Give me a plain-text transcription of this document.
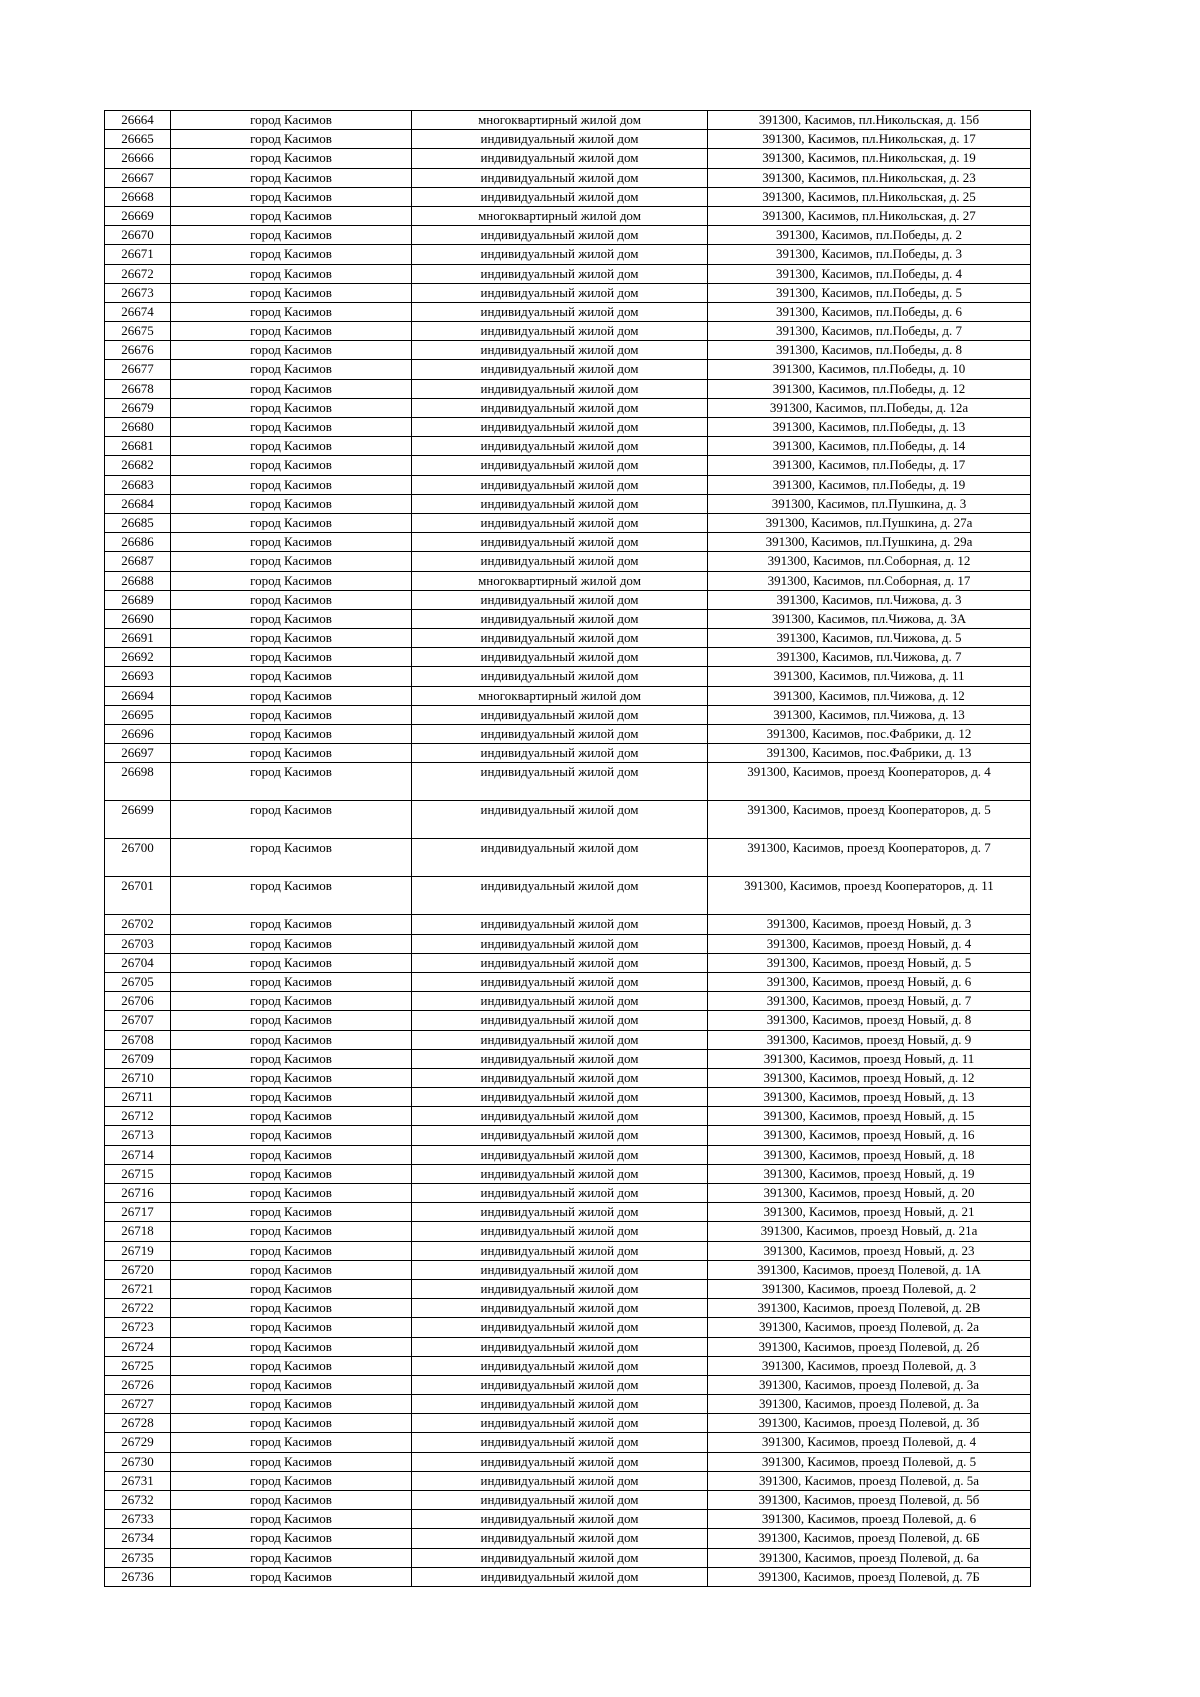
26664	город Касимов	многоквартирный жилой дом	391300, Касимов, пл.Никольская, д. 15б
26665	город Касимов	индивидуальный жилой дом	391300, Касимов, пл.Никольская, д. 17
26666	город Касимов	индивидуальный жилой дом	391300, Касимов, пл.Никольская, д. 19
26667	город Касимов	индивидуальный жилой дом	391300, Касимов, пл.Никольская, д. 23
26668	город Касимов	индивидуальный жилой дом	391300, Касимов, пл.Никольская, д. 25
26669	город Касимов	многоквартирный жилой дом	391300, Касимов, пл.Никольская, д. 27
26670	город Касимов	индивидуальный жилой дом	391300, Касимов, пл.Победы, д. 2
26671	город Касимов	индивидуальный жилой дом	391300, Касимов, пл.Победы, д. 3
26672	город Касимов	индивидуальный жилой дом	391300, Касимов, пл.Победы, д. 4
26673	город Касимов	индивидуальный жилой дом	391300, Касимов, пл.Победы, д. 5
26674	город Касимов	индивидуальный жилой дом	391300, Касимов, пл.Победы, д. 6
26675	город Касимов	индивидуальный жилой дом	391300, Касимов, пл.Победы, д. 7
26676	город Касимов	индивидуальный жилой дом	391300, Касимов, пл.Победы, д. 8
26677	город Касимов	индивидуальный жилой дом	391300, Касимов, пл.Победы, д. 10
26678	город Касимов	индивидуальный жилой дом	391300, Касимов, пл.Победы, д. 12
26679	город Касимов	индивидуальный жилой дом	391300, Касимов, пл.Победы, д. 12а
26680	город Касимов	индивидуальный жилой дом	391300, Касимов, пл.Победы, д. 13
26681	город Касимов	индивидуальный жилой дом	391300, Касимов, пл.Победы, д. 14
26682	город Касимов	индивидуальный жилой дом	391300, Касимов, пл.Победы, д. 17
26683	город Касимов	индивидуальный жилой дом	391300, Касимов, пл.Победы, д. 19
26684	город Касимов	индивидуальный жилой дом	391300, Касимов, пл.Пушкина, д. 3
26685	город Касимов	индивидуальный жилой дом	391300, Касимов, пл.Пушкина, д. 27а
26686	город Касимов	индивидуальный жилой дом	391300, Касимов, пл.Пушкина, д. 29а
26687	город Касимов	индивидуальный жилой дом	391300, Касимов, пл.Соборная, д. 12
26688	город Касимов	многоквартирный жилой дом	391300, Касимов, пл.Соборная, д. 17
26689	город Касимов	индивидуальный жилой дом	391300, Касимов, пл.Чижова, д. 3
26690	город Касимов	индивидуальный жилой дом	391300, Касимов, пл.Чижова, д. 3А
26691	город Касимов	индивидуальный жилой дом	391300, Касимов, пл.Чижова, д. 5
26692	город Касимов	индивидуальный жилой дом	391300, Касимов, пл.Чижова, д. 7
26693	город Касимов	индивидуальный жилой дом	391300, Касимов, пл.Чижова, д. 11
26694	город Касимов	многоквартирный жилой дом	391300, Касимов, пл.Чижова, д. 12
26695	город Касимов	индивидуальный жилой дом	391300, Касимов, пл.Чижова, д. 13
26696	город Касимов	индивидуальный жилой дом	391300, Касимов, пос.Фабрики, д. 12
26697	город Касимов	индивидуальный жилой дом	391300, Касимов, пос.Фабрики, д. 13
26698	город Касимов	индивидуальный жилой дом	391300, Касимов, проезд Кооператоров, д. 4
26699	город Касимов	индивидуальный жилой дом	391300, Касимов, проезд Кооператоров, д. 5
26700	город Касимов	индивидуальный жилой дом	391300, Касимов, проезд Кооператоров, д. 7
26701	город Касимов	индивидуальный жилой дом	391300, Касимов, проезд Кооператоров, д. 11
26702	город Касимов	индивидуальный жилой дом	391300, Касимов, проезд Новый, д. 3
26703	город Касимов	индивидуальный жилой дом	391300, Касимов, проезд Новый, д. 4
26704	город Касимов	индивидуальный жилой дом	391300, Касимов, проезд Новый, д. 5
26705	город Касимов	индивидуальный жилой дом	391300, Касимов, проезд Новый, д. 6
26706	город Касимов	индивидуальный жилой дом	391300, Касимов, проезд Новый, д. 7
26707	город Касимов	индивидуальный жилой дом	391300, Касимов, проезд Новый, д. 8
26708	город Касимов	индивидуальный жилой дом	391300, Касимов, проезд Новый, д. 9
26709	город Касимов	индивидуальный жилой дом	391300, Касимов, проезд Новый, д. 11
26710	город Касимов	индивидуальный жилой дом	391300, Касимов, проезд Новый, д. 12
26711	город Касимов	индивидуальный жилой дом	391300, Касимов, проезд Новый, д. 13
26712	город Касимов	индивидуальный жилой дом	391300, Касимов, проезд Новый, д. 15
26713	город Касимов	индивидуальный жилой дом	391300, Касимов, проезд Новый, д. 16
26714	город Касимов	индивидуальный жилой дом	391300, Касимов, проезд Новый, д. 18
26715	город Касимов	индивидуальный жилой дом	391300, Касимов, проезд Новый, д. 19
26716	город Касимов	индивидуальный жилой дом	391300, Касимов, проезд Новый, д. 20
26717	город Касимов	индивидуальный жилой дом	391300, Касимов, проезд Новый, д. 21
26718	город Касимов	индивидуальный жилой дом	391300, Касимов, проезд Новый, д. 21а
26719	город Касимов	индивидуальный жилой дом	391300, Касимов, проезд Новый, д. 23
26720	город Касимов	индивидуальный жилой дом	391300, Касимов, проезд Полевой, д. 1А
26721	город Касимов	индивидуальный жилой дом	391300, Касимов, проезд Полевой, д. 2
26722	город Касимов	индивидуальный жилой дом	391300, Касимов, проезд Полевой, д. 2В
26723	город Касимов	индивидуальный жилой дом	391300, Касимов, проезд Полевой, д. 2а
26724	город Касимов	индивидуальный жилой дом	391300, Касимов, проезд Полевой, д. 2б
26725	город Касимов	индивидуальный жилой дом	391300, Касимов, проезд Полевой, д. 3
26726	город Касимов	индивидуальный жилой дом	391300, Касимов, проезд Полевой, д. 3а
26727	город Касимов	индивидуальный жилой дом	391300, Касимов, проезд Полевой, д. 3а
26728	город Касимов	индивидуальный жилой дом	391300, Касимов, проезд Полевой, д. 3б
26729	город Касимов	индивидуальный жилой дом	391300, Касимов, проезд Полевой, д. 4
26730	город Касимов	индивидуальный жилой дом	391300, Касимов, проезд Полевой, д. 5
26731	город Касимов	индивидуальный жилой дом	391300, Касимов, проезд Полевой, д. 5а
26732	город Касимов	индивидуальный жилой дом	391300, Касимов, проезд Полевой, д. 5б
26733	город Касимов	индивидуальный жилой дом	391300, Касимов, проезд Полевой, д. 6
26734	город Касимов	индивидуальный жилой дом	391300, Касимов, проезд Полевой, д. 6Б
26735	город Касимов	индивидуальный жилой дом	391300, Касимов, проезд Полевой, д. 6а
26736	город Касимов	индивидуальный жилой дом	391300, Касимов, проезд Полевой, д. 7Б
